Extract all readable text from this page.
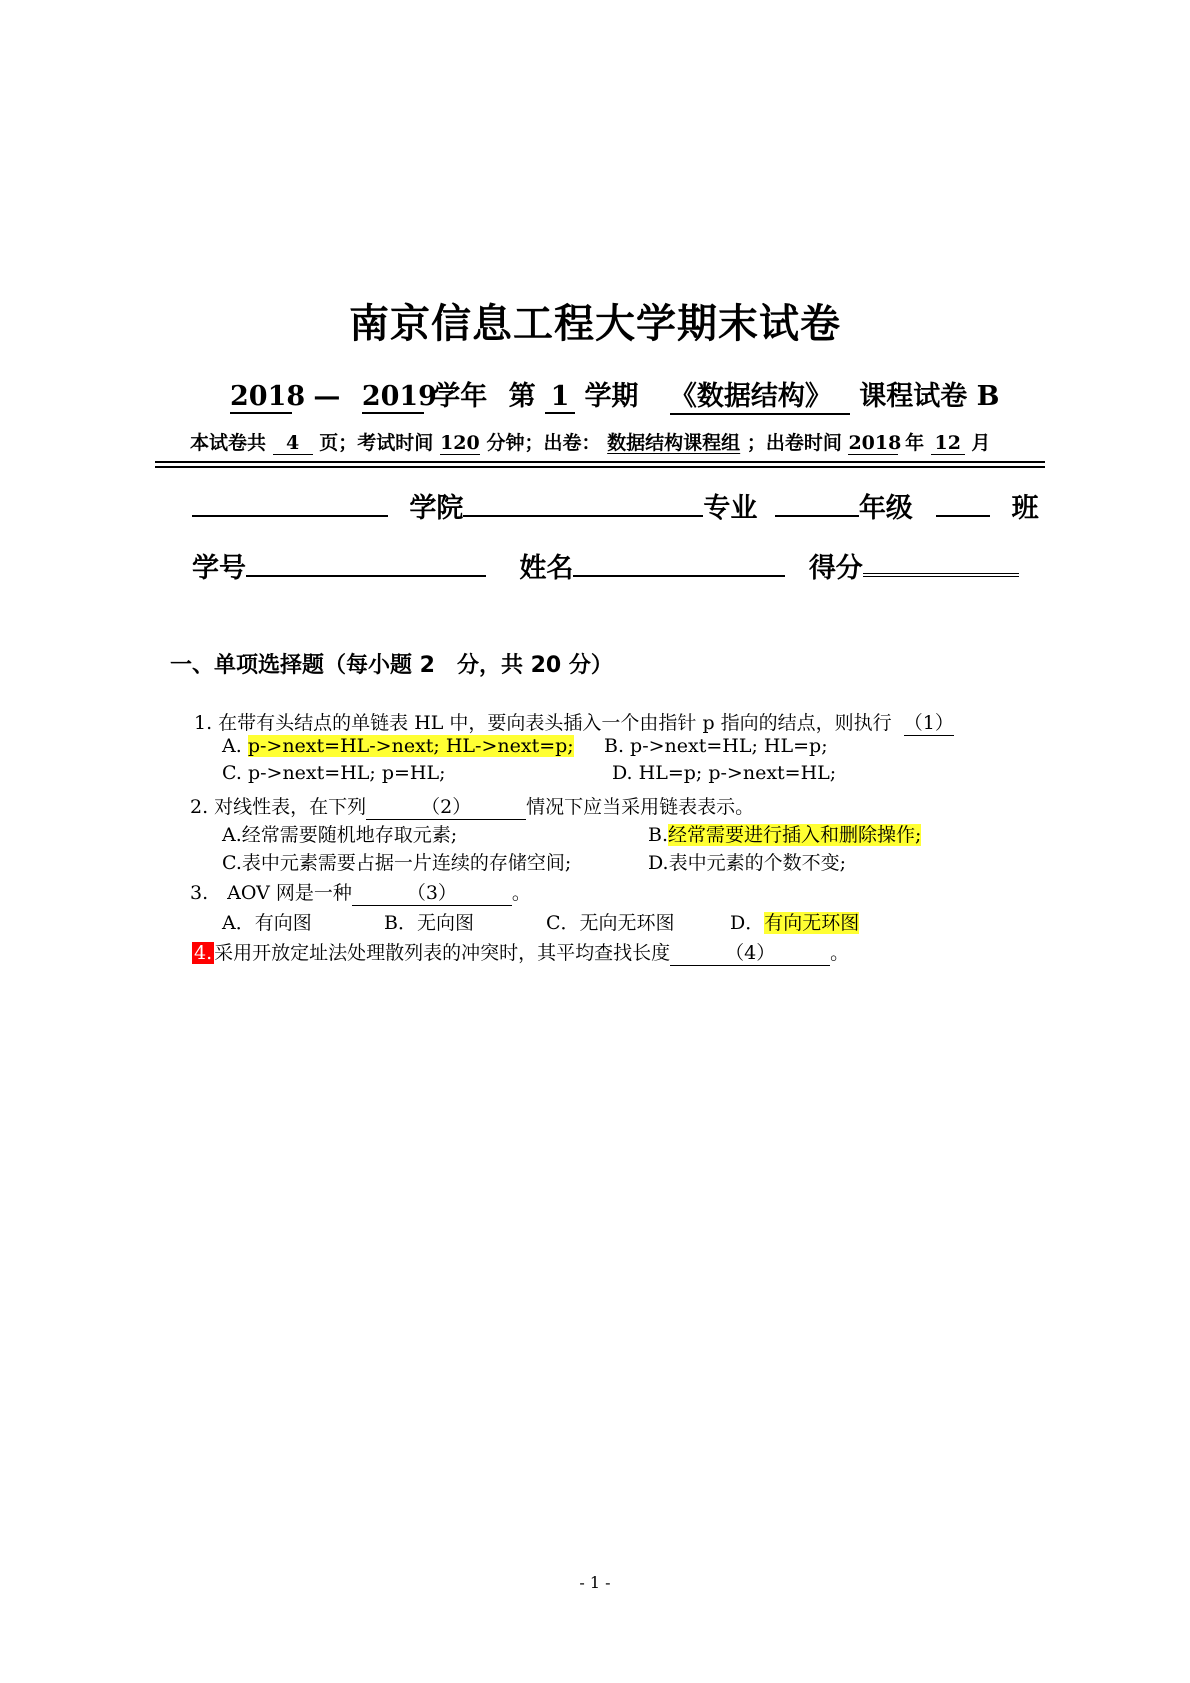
南京信息工程大学期末试卷
2018 — 2019 学年 第 1 学期 《数据结构》 课程试卷 B
本试卷共 4 页；考试时间 120 分钟；出卷： 数据结构课程组 ；出卷时间 2018 年 12 月
学院	专业	年级	班
学号	姓名	得分
一、单项选择题（每小题 2　分，共 20 分）
1. 在带有头结点的单链表 HL 中，要向表头插入一个由指针 p 指向的结点，则执行 （1）
A. p->next=HL->next; HL->next=p; B. p->next=HL; HL=p;
C. p->next=HL; p=HL;	D. HL=p; p->next=HL;
2. 对线性表，在下列	（2）	情况下应当采用链表表示。
A.经常需要随机地存取元素;	B.经常需要进行插入和删除操作;
C.表中元素需要占据一片连续的存储空间;	D.表中元素的个数不变;
3.　AOV 网是一种	（3）	。
A．有向图	B．无向图	C．无向无环图	D．有向无环图
4. 采用开放定址法处理散列表的冲突时，其平均查找长度	（4）	。
- 1 -
